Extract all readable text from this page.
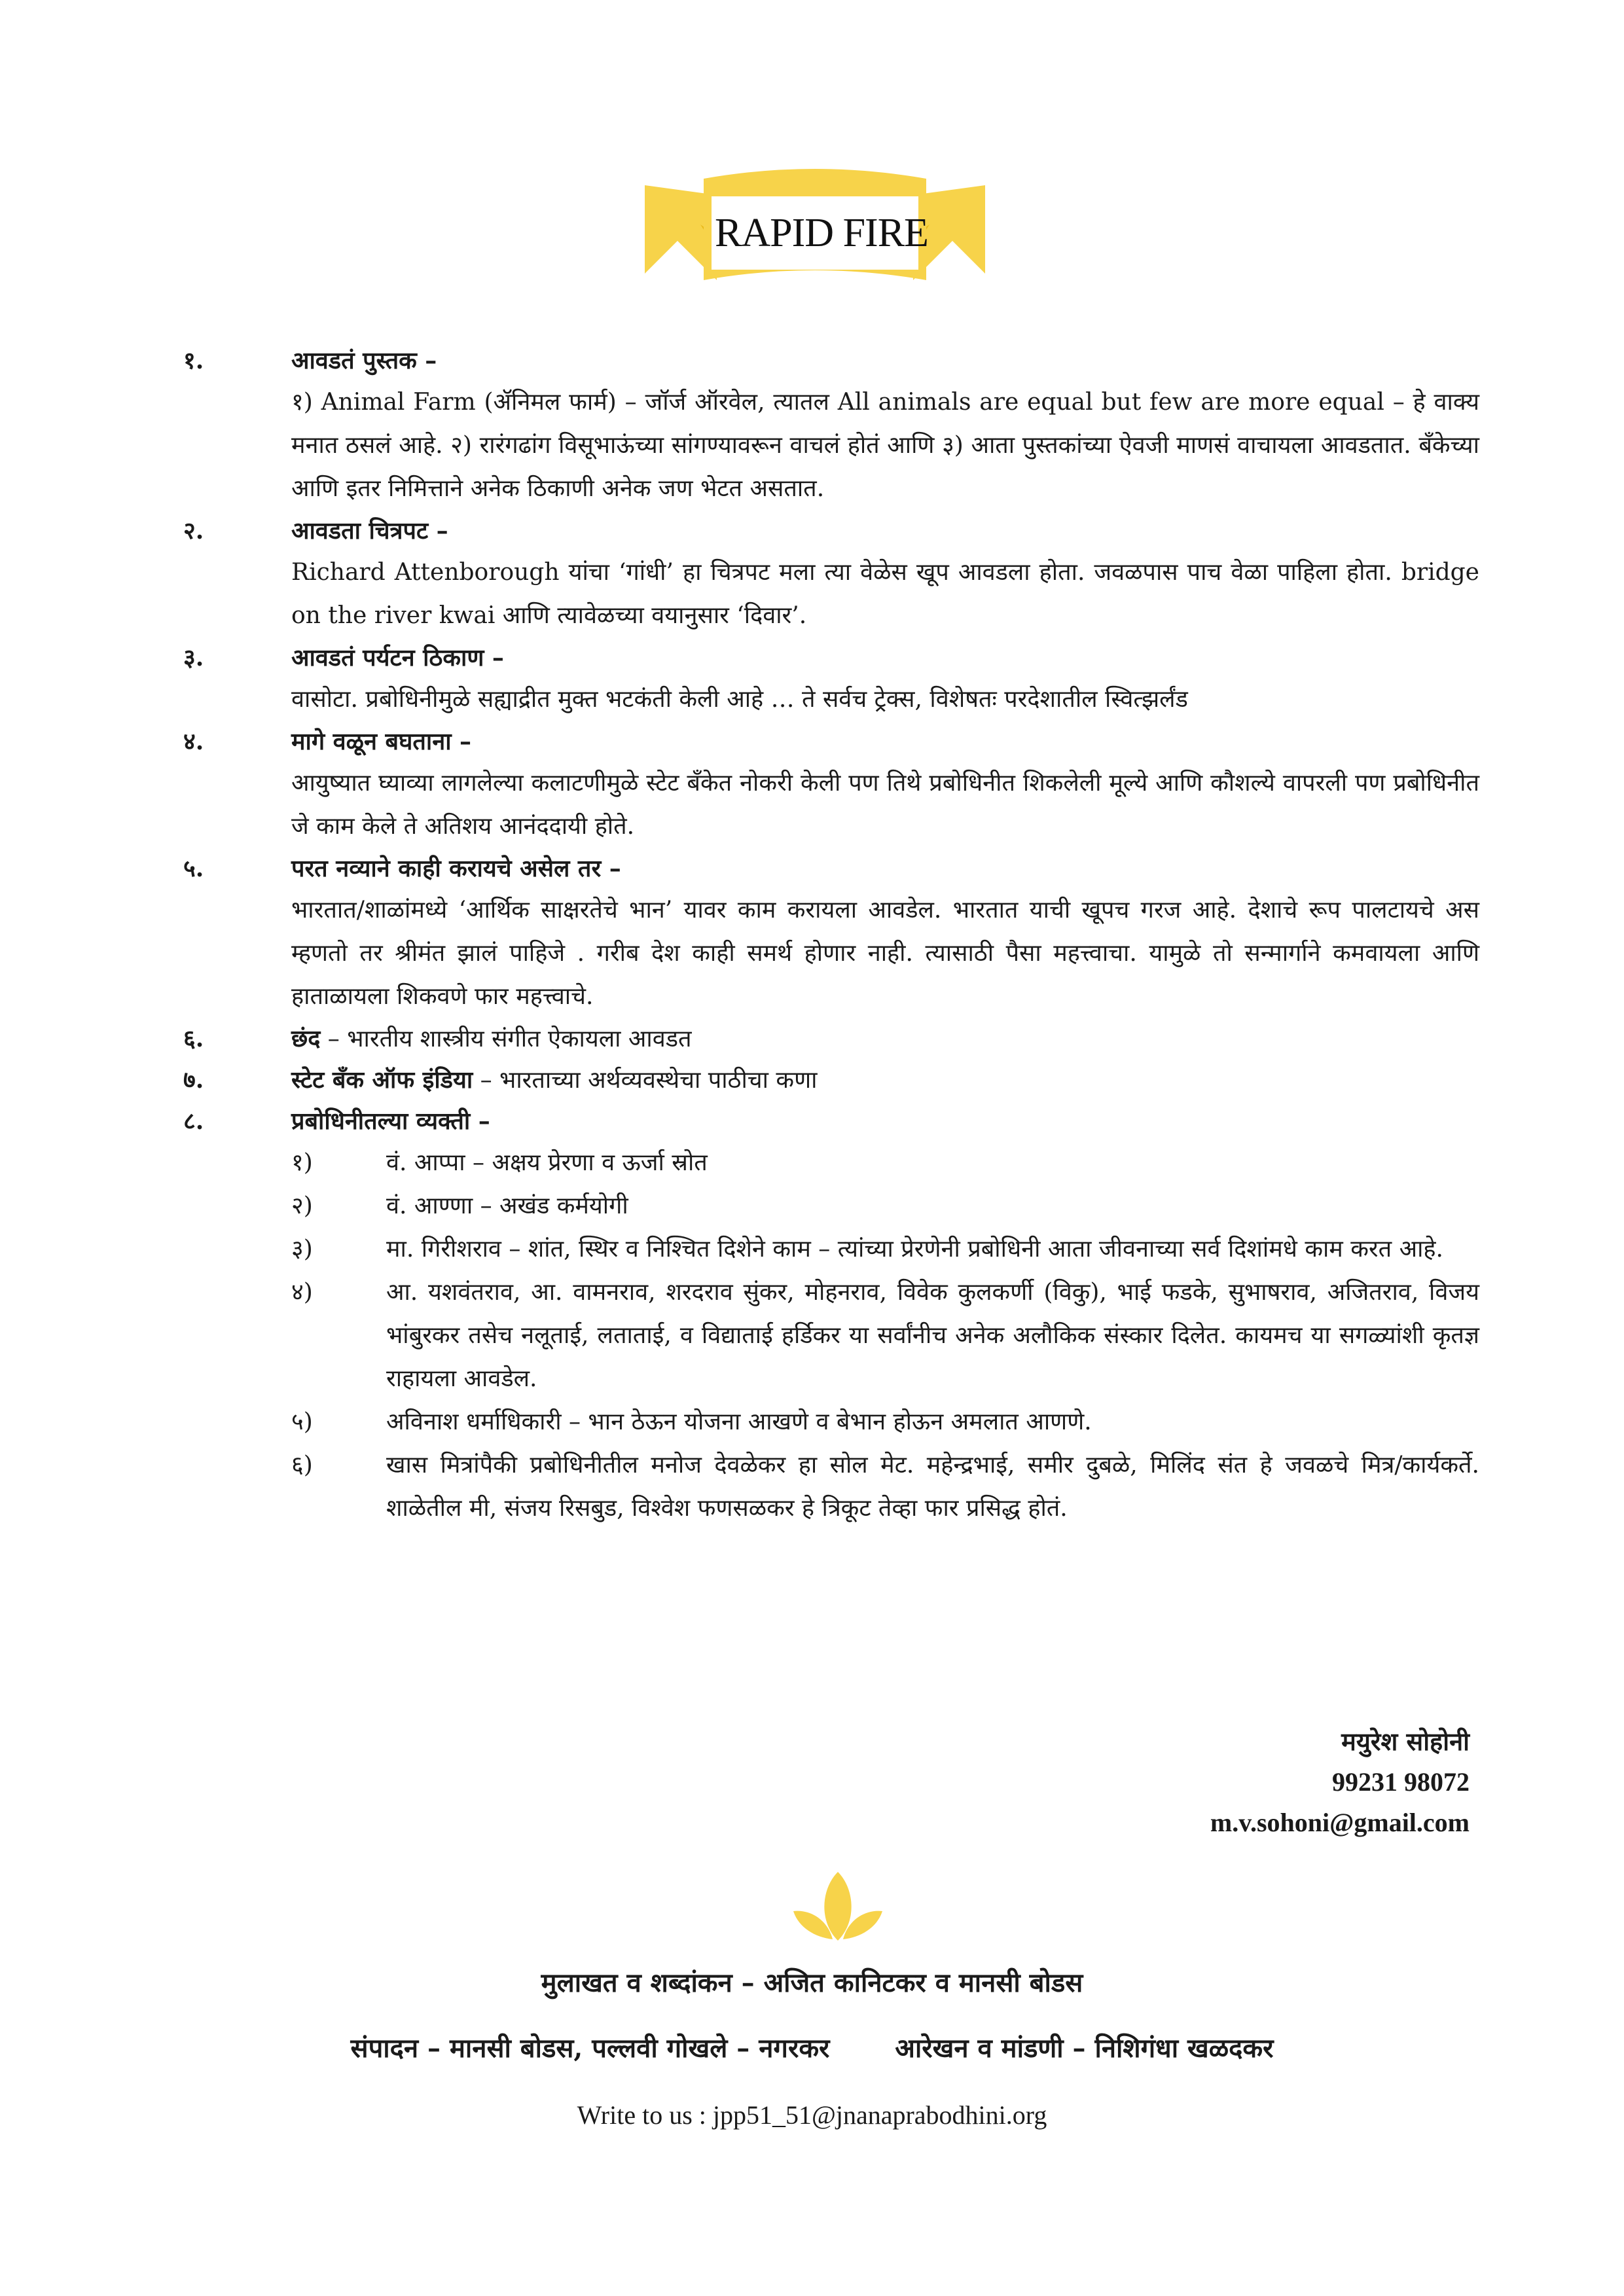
RAPID FIRE
१.	आवडतं पुस्तक –
१) Animal Farm (ॲनिमल फार्म) – जॉर्ज ऑरवेल, त्यातल All animals are equal but few are more equal – हे वाक्य मनात ठसलं आहे. २) रारंगढांग विसूभाऊंच्या सांगण्यावरून वाचलं होतं आणि ३) आता पुस्तकांच्या ऐवजी माणसं वाचायला आवडतात. बँकेच्या आणि इतर निमित्ताने अनेक ठिकाणी अनेक जण भेटत असतात.
२.	आवडता चित्रपट –
Richard Attenborough यांचा ‘गांधी’ हा चित्रपट मला त्या वेळेस खूप आवडला होता. जवळपास पाच वेळा पाहिला होता. bridge on the river kwai आणि त्यावेळच्या वयानुसार ‘दिवार’.
३.	आवडतं पर्यटन ठिकाण –
वासोटा. प्रबोधिनीमुळे सह्याद्रीत मुक्त भटकंती केली आहे … ते सर्वच ट्रेक्स, विशेषतः परदेशातील स्वित्झर्लंड
४.	मागे वळून बघताना –
आयुष्यात घ्याव्या लागलेल्या कलाटणीमुळे स्टेट बँकेत नोकरी केली पण तिथे प्रबोधिनीत शिकलेली मूल्ये आणि कौशल्ये वापरली पण प्रबोधिनीत जे काम केले ते अतिशय आनंददायी होते.
५.	परत नव्याने काही करायचे असेल तर –
भारतात/शाळांमध्ये ‘आर्थिक साक्षरतेचे भान’ यावर काम करायला आवडेल. भारतात याची खूपच गरज आहे. देशाचे रूप पालटायचे अस म्हणतो तर श्रीमंत झालं पाहिजे . गरीब देश काही समर्थ होणार नाही. त्यासाठी पैसा महत्त्वाचा. यामुळे तो सन्मार्गाने कमवायला आणि हाताळायला शिकवणे फार महत्त्वाचे.
६.	छंद – भारतीय शास्त्रीय संगीत ऐकायला आवडत
७.	स्टेट बँक ऑफ इंडिया – भारताच्या अर्थव्यवस्थेचा पाठीचा कणा
८.	प्रबोधिनीतल्या व्यक्ती –
१)	वं. आप्पा – अक्षय प्रेरणा व ऊर्जा स्रोत
२)	वं. आण्णा – अखंड कर्मयोगी
३)	मा. गिरीशराव – शांत, स्थिर व निश्चित दिशेने काम – त्यांच्या प्रेरणेनी प्रबोधिनी आता जीवनाच्या सर्व दिशांमधे काम करत आहे.
४)	आ. यशवंतराव, आ. वामनराव, शरदराव सुंकर, मोहनराव, विवेक कुलकर्णी (विकु), भाई फडके, सुभाषराव, अजितराव, विजय भांबुरकर तसेच नलूताई, लताताई, व विद्याताई हर्डिकर या सर्वांनीच अनेक अलौकिक संस्कार दिलेत. कायमच या सगळ्यांशी कृतज्ञ राहायला आवडेल.
५)	अविनाश धर्माधिकारी – भान ठेऊन योजना आखणे व बेभान होऊन अमलात आणणे.
६)	खास मित्रांपैकी प्रबोधिनीतील मनोज देवळेकर हा सोल मेट. महेन्द्रभाई, समीर दुबळे, मिलिंद संत हे जवळचे मित्र/कार्यकर्ते. शाळेतील मी, संजय रिसबुड, विश्वेश फणसळकर हे त्रिकूट तेव्हा फार प्रसिद्ध होतं.
मयुरेश सोहोनी
99231 98072
m.v.sohoni@gmail.com
मुलाखत व शब्दांकन – अजित कानिटकर व मानसी बोडस
संपादन – मानसी बोडस, पल्लवी गोखले – नगरकर	आरेखन व मांडणी – निशिगंधा खळदकर
Write to us : jpp51_51@jnanaprabodhini.org
